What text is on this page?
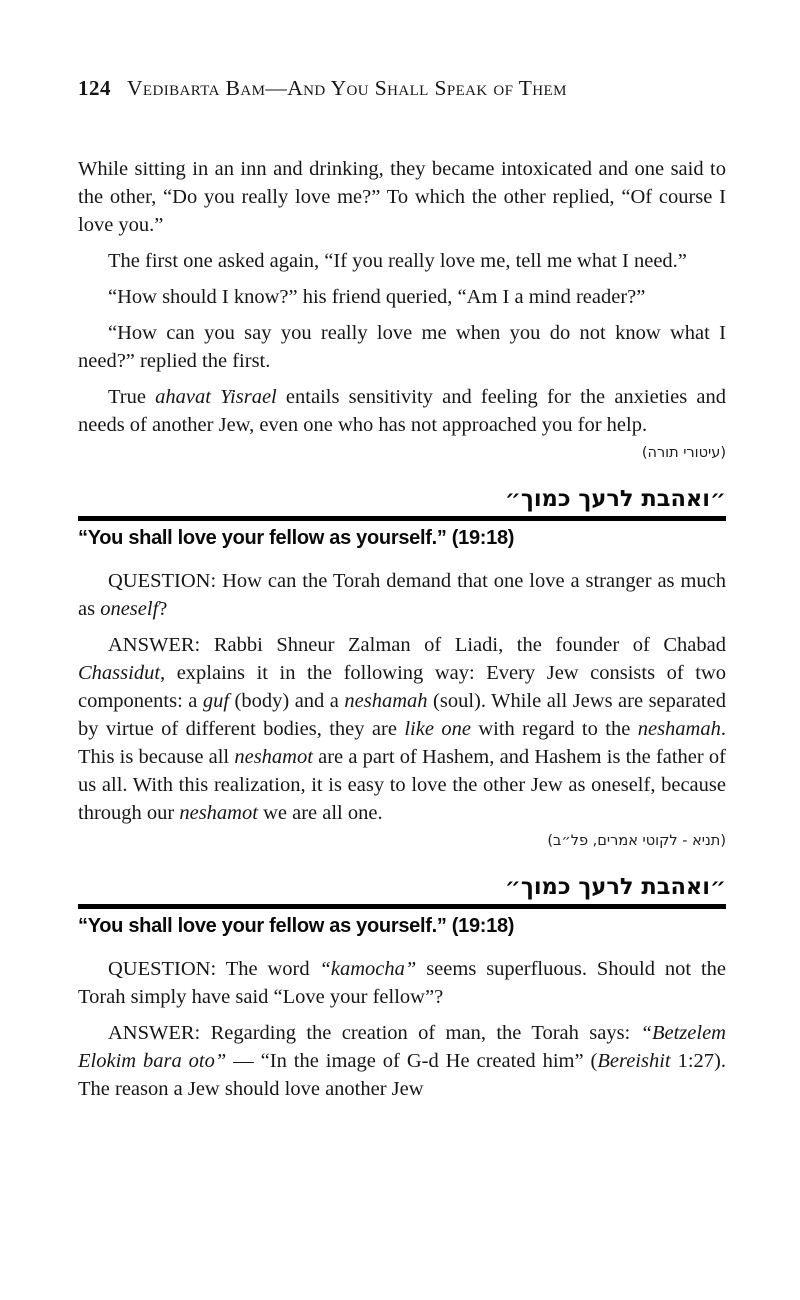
124 Vedibarta Bam—And You Shall Speak of Them

While sitting in an inn and drinking, they became intoxicated and one said to the other, “Do you really love me?” To which the other replied, “Of course I love you.”

The first one asked again, “If you really love me, tell me what I need.”

“How should I know?” his friend queried, “Am I a mind reader?”

“How can you say you really love me when you do not know what I need?” replied the first.

True ahavat Yisrael entails sensitivity and feeling for the anxieties and needs of another Jew, even one who has not approached you for help.

(עיטורי תורה)
״ואהבת לרעך כמוך״
“You shall love your fellow as yourself.” (19:18)

QUESTION: How can the Torah demand that one love a stranger as much as oneself?

ANSWER: Rabbi Shneur Zalman of Liadi, the founder of Chabad Chassidut, explains it in the following way: Every Jew consists of two components: a guf (body) and a neshamah (soul). While all Jews are separated by virtue of different bodies, they are like one with regard to the neshamah. This is because all neshamot are a part of Hashem, and Hashem is the father of us all. With this realization, it is easy to love the other Jew as oneself, because through our neshamot we are all one.

(תניא - לקוטי אמרים, פל״ב)
״ואהבת לרעך כמוך״
“You shall love your fellow as yourself.” (19:18)

QUESTION: The word “kamocha” seems superfluous. Should not the Torah simply have said “Love your fellow”?

ANSWER: Regarding the creation of man, the Torah says: “Betzelem Elokim bara oto” — “In the image of G-d He created him” (Bereishit 1:27). The reason a Jew should love another Jew
